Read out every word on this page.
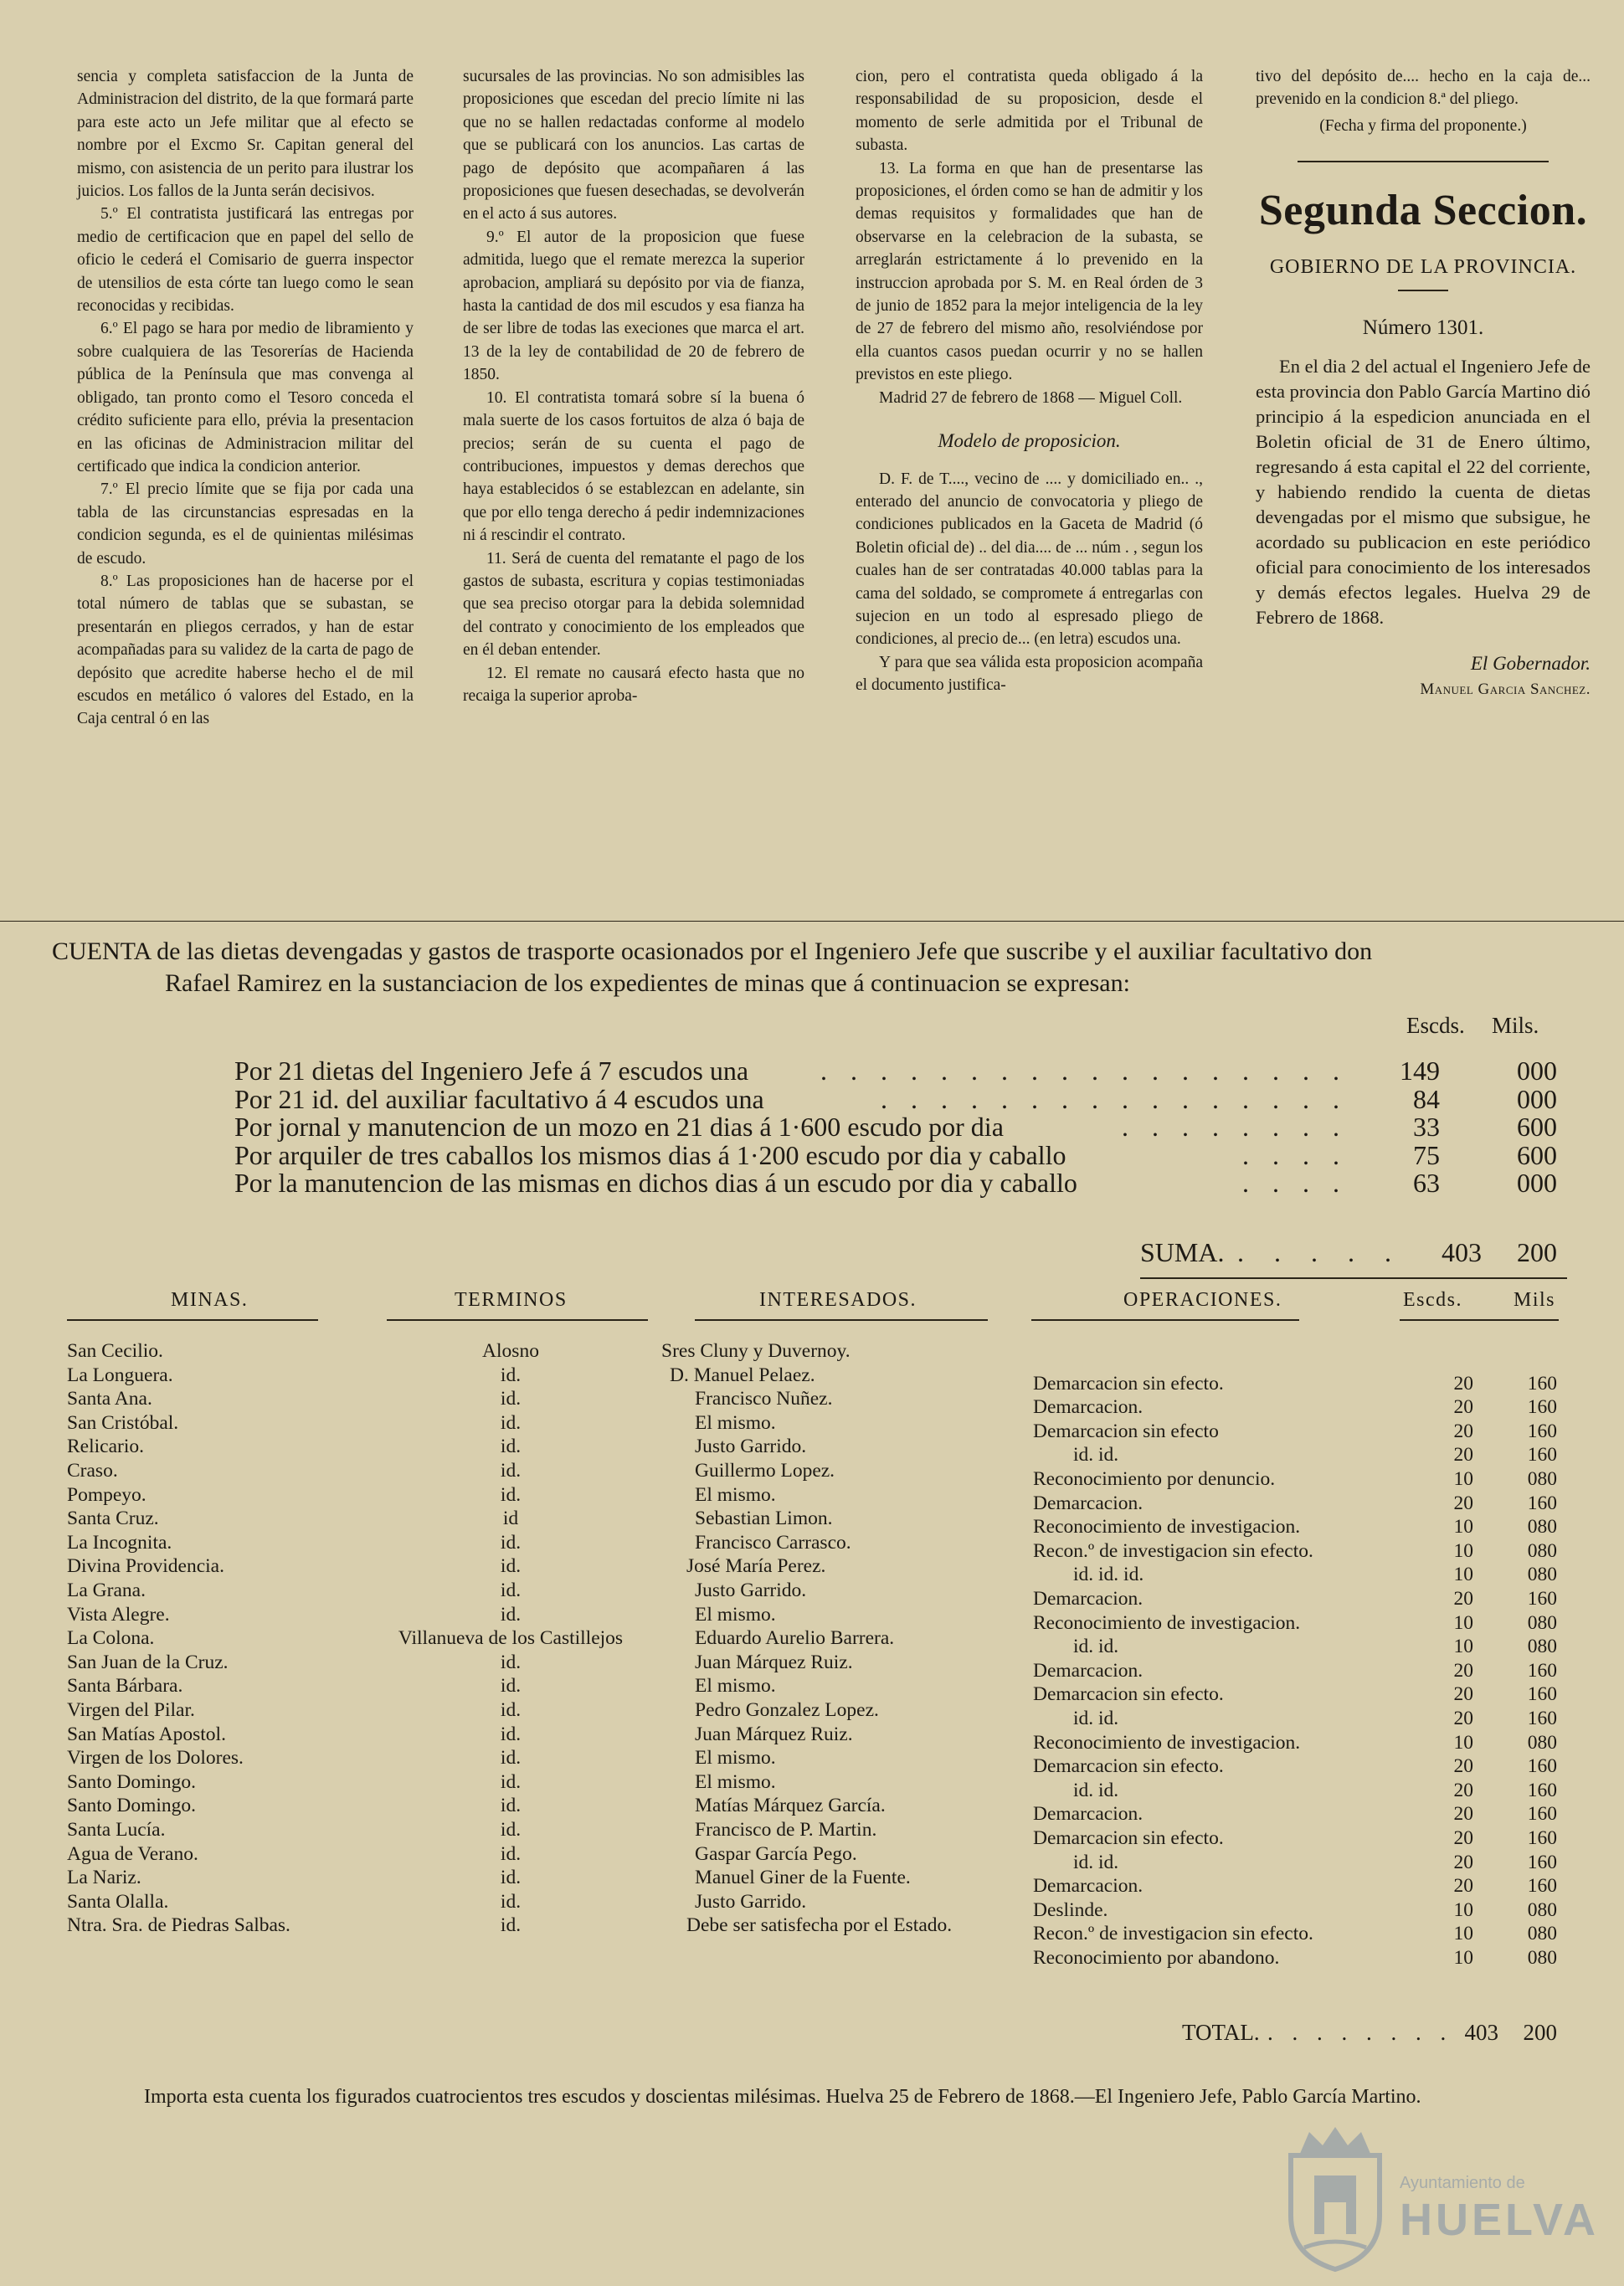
sencia y completa satisfaccion de la Junta de Administracion del distrito, de la que formará parte para este acto un Jefe militar que al efecto se nombre por el Excmo Sr. Capitan general del mismo, con asistencia de un perito para ilustrar los juicios. Los fallos de la Junta serán decisivos.

5.º El contratista justificará las entregas por medio de certificacion que en papel del sello de oficio le cederá el Comisario de guerra inspector de utensilios de esta córte tan luego como le sean reconocidas y recibidas.

6.º El pago se hara por medio de libramiento y sobre cualquiera de las Tesorerías de Hacienda pública de la Península que mas convenga al obligado, tan pronto como el Tesoro conceda el crédito suficiente para ello, prévia la presentacion en las oficinas de Administracion militar del certificado que indica la condicion anterior.

7.º El precio límite que se fija por cada una tabla de las circunstancias espresadas en la condicion segunda, es el de quinientas milésimas de escudo.

8.º Las proposiciones han de hacerse por el total número de tablas que se subastan, se presentarán en pliegos cerrados, y han de estar acompañadas para su validez de la carta de pago de depósito que acredite haberse hecho el de mil escudos en metálico ó valores del Estado, en la Caja central ó en las

sucursales de las provincias. No son admisibles las proposiciones que escedan del precio límite ni las que no se hallen redactadas conforme al modelo que se publicará con los anuncios. Las cartas de pago de depósito que acompañaren á las proposiciones que fuesen desechadas, se devolverán en el acto á sus autores.

9.º El autor de la proposicion que fuese admitida, luego que el remate merezca la superior aprobacion, ampliará su depósito por via de fianza, hasta la cantidad de dos mil escudos y esa fianza ha de ser libre de todas las execiones que marca el art. 13 de la ley de contabilidad de 20 de febrero de 1850.

10. El contratista tomará sobre sí la buena ó mala suerte de los casos fortuitos de alza ó baja de precios; serán de su cuenta el pago de contribuciones, impuestos y demas derechos que haya establecidos ó se establezcan en adelante, sin que por ello tenga derecho á pedir indemnizaciones ni á rescindir el contrato.

11. Será de cuenta del rematante el pago de los gastos de subasta, escritura y copias testimoniadas que sea preciso otorgar para la debida solemnidad del contrato y conocimiento de los empleados que en él deban entender.

12. El remate no causará efecto hasta que no recaiga la superior aproba-

cion, pero el contratista queda obligado á la responsabilidad de su proposicion, desde el momento de serle admitida por el Tribunal de subasta.

13. La forma en que han de presentarse las proposiciones, el órden como se han de admitir y los demas requisitos y formalidades que han de observarse en la celebracion de la subasta, se arreglarán estrictamente á lo prevenido en la instruccion aprobada por S. M. en Real órden de 3 de junio de 1852 para la mejor inteligencia de la ley de 27 de febrero del mismo año, resolviéndose por ella cuantos casos puedan ocurrir y no se hallen previstos en este pliego.

Madrid 27 de febrero de 1868 — Miguel Coll.

Modelo de proposicion.

D. F. de T...., vecino de .... y domiciliado en.. ., enterado del anuncio de convocatoria y pliego de condiciones publicados en la Gaceta de Madrid (ó Boletin oficial de) .. del dia.... de ... núm . , segun los cuales han de ser contratadas 40.000 tablas para la cama del soldado, se compromete á entregarlas con sujecion en un todo al espresado pliego de condiciones, al precio de... (en letra) escudos una.

Y para que sea válida esta proposicion acompaña el documento justifica-

tivo del depósito de.... hecho en la caja de... prevenido en la condicion 8.ª del pliego.

(Fecha y firma del proponente.)
Segunda Seccion.
GOBIERNO DE LA PROVINCIA.
Número 1301.

En el dia 2 del actual el Ingeniero Jefe de esta provincia don Pablo García Martino dió principio á la espedicion anunciada en el Boletin oficial de 31 de Enero último, regresando á esta capital el 22 del corriente, y habiendo rendido la cuenta de dietas devengadas por el mismo que subsigue, he acordado su publicacion en este periódico oficial para conocimiento de los interesados y demás efectos legales. Huelva 29 de Febrero de 1868.

El Gobernador.
Manuel Garcia Sanchez.
CUENTA de las dietas devengadas y gastos de trasporte ocasionados por el Ingeniero Jefe que suscribe y el auxiliar facultativo don
Rafael Ramirez en la sustanciacion de los expedientes de minas que á continuacion se expresan:
Escds. Mils.
Por 21 dietas del Ingeniero Jefe á 7 escudos una	149	000
. . . . . . . . . . . . . . . . . .
Por 21 id. del auxiliar facultativo á 4 escudos una	84	000
. . . . . . . . . . . . . . . .
Por jornal y manutencion de un mozo en 21 dias á 1·600 escudo por dia	33	600
. . . . . . . .
Por arquiler de tres caballos los mismos dias á 1·200 escudo por dia y caballo	75	600
. . . .
Por la manutencion de las mismas en dichos dias á un escudo por dia y caballo	63	000
. . . .
SUMA. . . . . .	403	200
MINAS.	TERMINOS	INTERESADOS.	OPERACIONES.	Escds.	Mils
San Cecilio.	Alosno	Sres Cluny y Duvernoy.
La Longuera.	id.	D. Manuel Pelaez.	Demarcacion sin efecto.	20	160
Santa Ana.	id.	Francisco Nuñez.	Demarcacion.	20	160
San Cristóbal.	id.	El mismo.	Demarcacion sin efecto	20	160
Relicario.	id.	Justo Garrido.	id. id.	20	160
Craso.	id.	Guillermo Lopez.	Reconocimiento por denuncio.	10	080
Pompeyo.	id.	El mismo.	Demarcacion.	20	160
Santa Cruz.	id	Sebastian Limon.	Reconocimiento de investigacion.	10	080
La Incognita.	id.	Francisco Carrasco.	Recon.º de investigacion sin efecto.	10	080
Divina Providencia.	id.	José María Perez.	id. id. id.	10	080
La Grana.	id.	Justo Garrido.	Demarcacion.	20	160
Vista Alegre.	id.	El mismo.	Reconocimiento de investigacion.	10	080
La Colona.	Villanueva de los Castillejos	Eduardo Aurelio Barrera.	id. id.	10	080
San Juan de la Cruz.	id.	Juan Márquez Ruiz.	Demarcacion.	20	160
Santa Bárbara.	id.	El mismo.	Demarcacion sin efecto.	20	160
Virgen del Pilar.	id.	Pedro Gonzalez Lopez.	id. id.	20	160
San Matías Apostol.	id.	Juan Márquez Ruiz.	Reconocimiento de investigacion.	10	080
Virgen de los Dolores.	id.	El mismo.	Demarcacion sin efecto.	20	160
Santo Domingo.	id.	El mismo.	id. id.	20	160
Santo Domingo.	id.	Matías Márquez García.	Demarcacion.	20	160
Santa Lucía.	id.	Francisco de P. Martin.	Demarcacion sin efecto.	20	160
Agua de Verano.	id.	Gaspar García Pego.	id. id.	20	160
La Nariz.	id.	Manuel Giner de la Fuente.	Demarcacion.	20	160
Santa Olalla.	id.	Justo Garrido.	Deslinde.	10	080
Ntra. Sra. de Piedras Salbas.	id.	Debe ser satisfecha por el Estado.	Recon.º de investigacion sin efecto.	10	080
Reconocimiento por abandono.	10	080
TOTAL. . . . . . . . . 403	200
Importa esta cuenta los figurados cuatrocientos tres escudos y doscientas milésimas. Huelva 25 de Febrero de 1868.—El Ingeniero Jefe, Pablo García Martino.
Ayuntamiento de
HUELVA
